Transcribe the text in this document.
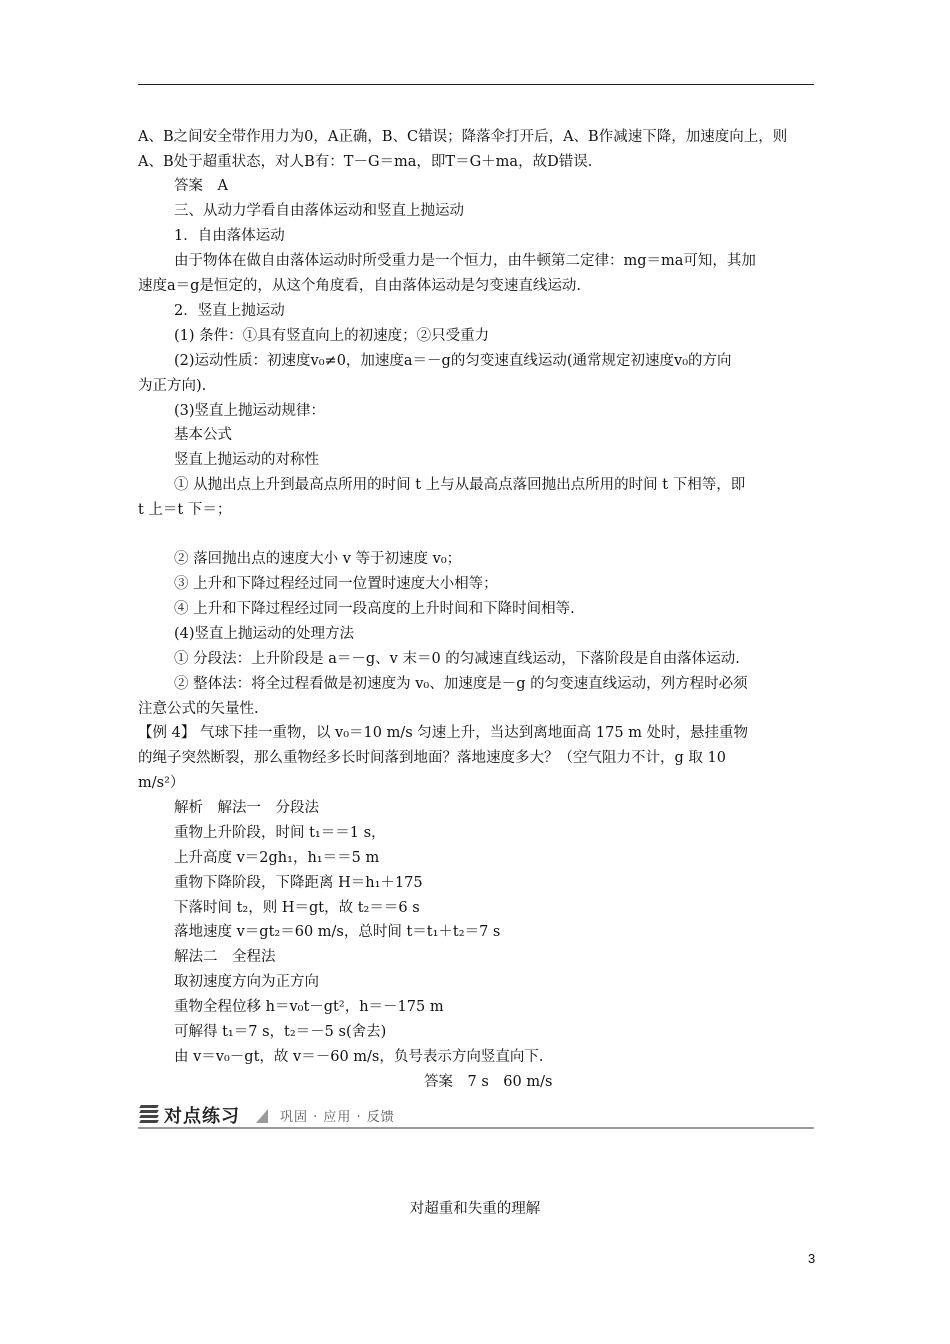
A、B之间安全带作用力为0，A正确，B、C错误；降落伞打开后，A、B作减速下降，加速度向上，则
A、B处于超重状态，对人B有：T－G＝ma，即T＝G＋ma，故D错误.
答案　A
三、从动力学看自由落体运动和竖直上抛运动
1．自由落体运动
由于物体在做自由落体运动时所受重力是一个恒力，由牛顿第二定律：mg＝ma可知，其加
速度a＝g是恒定的，从这个角度看，自由落体运动是匀变速直线运动.
2．竖直上抛运动
(1) 条件：①具有竖直向上的初速度；②只受重力
(2)运动性质：初速度v₀≠0，加速度a＝－g的匀变速直线运动(通常规定初速度v₀的方向
为正方向).
(3)竖直上抛运动规律：
基本公式
竖直上抛运动的对称性
① 从抛出点上升到最高点所用的时间 t 上与从最高点落回抛出点所用的时间 t 下相等，即
t 上＝t 下＝；
② 落回抛出点的速度大小 v 等于初速度 v₀；
③ 上升和下降过程经过同一位置时速度大小相等；
④ 上升和下降过程经过同一段高度的上升时间和下降时间相等.
(4)竖直上抛运动的处理方法
① 分段法：上升阶段是 a＝－g、v 末＝0 的匀减速直线运动，下落阶段是自由落体运动.
② 整体法：将全过程看做是初速度为 v₀、加速度是－g 的匀变速直线运动，列方程时必须
注意公式的矢量性.
【例 4】 气球下挂一重物，以 v₀＝10 m/s 匀速上升，当达到离地面高 175 m 处时，悬挂重物
的绳子突然断裂，那么重物经多长时间落到地面？落地速度多大？（空气阻力不计，g 取 10
m/s²）
解析　解法一　分段法
重物上升阶段，时间 t₁＝＝1 s，
上升高度 v＝2gh₁，h₁＝＝5 m
重物下降阶段，下降距离 H＝h₁＋175
下落时间 t₂，则 H＝gt，故 t₂＝＝6 s
落地速度 v＝gt₂＝60 m/s，总时间 t＝t₁＋t₂＝7 s
解法二　全程法
取初速度方向为正方向
重物全程位移 h＝v₀t－gt²，h＝－175 m
可解得 t₁＝7 s，t₂＝－5 s(舍去)
由 v＝v₀－gt，故 v＝－60 m/s，负号表示方向竖直向下.
答案　7 s　60 m/s
对点练习	巩固 · 应用 · 反馈
对超重和失重的理解
3
